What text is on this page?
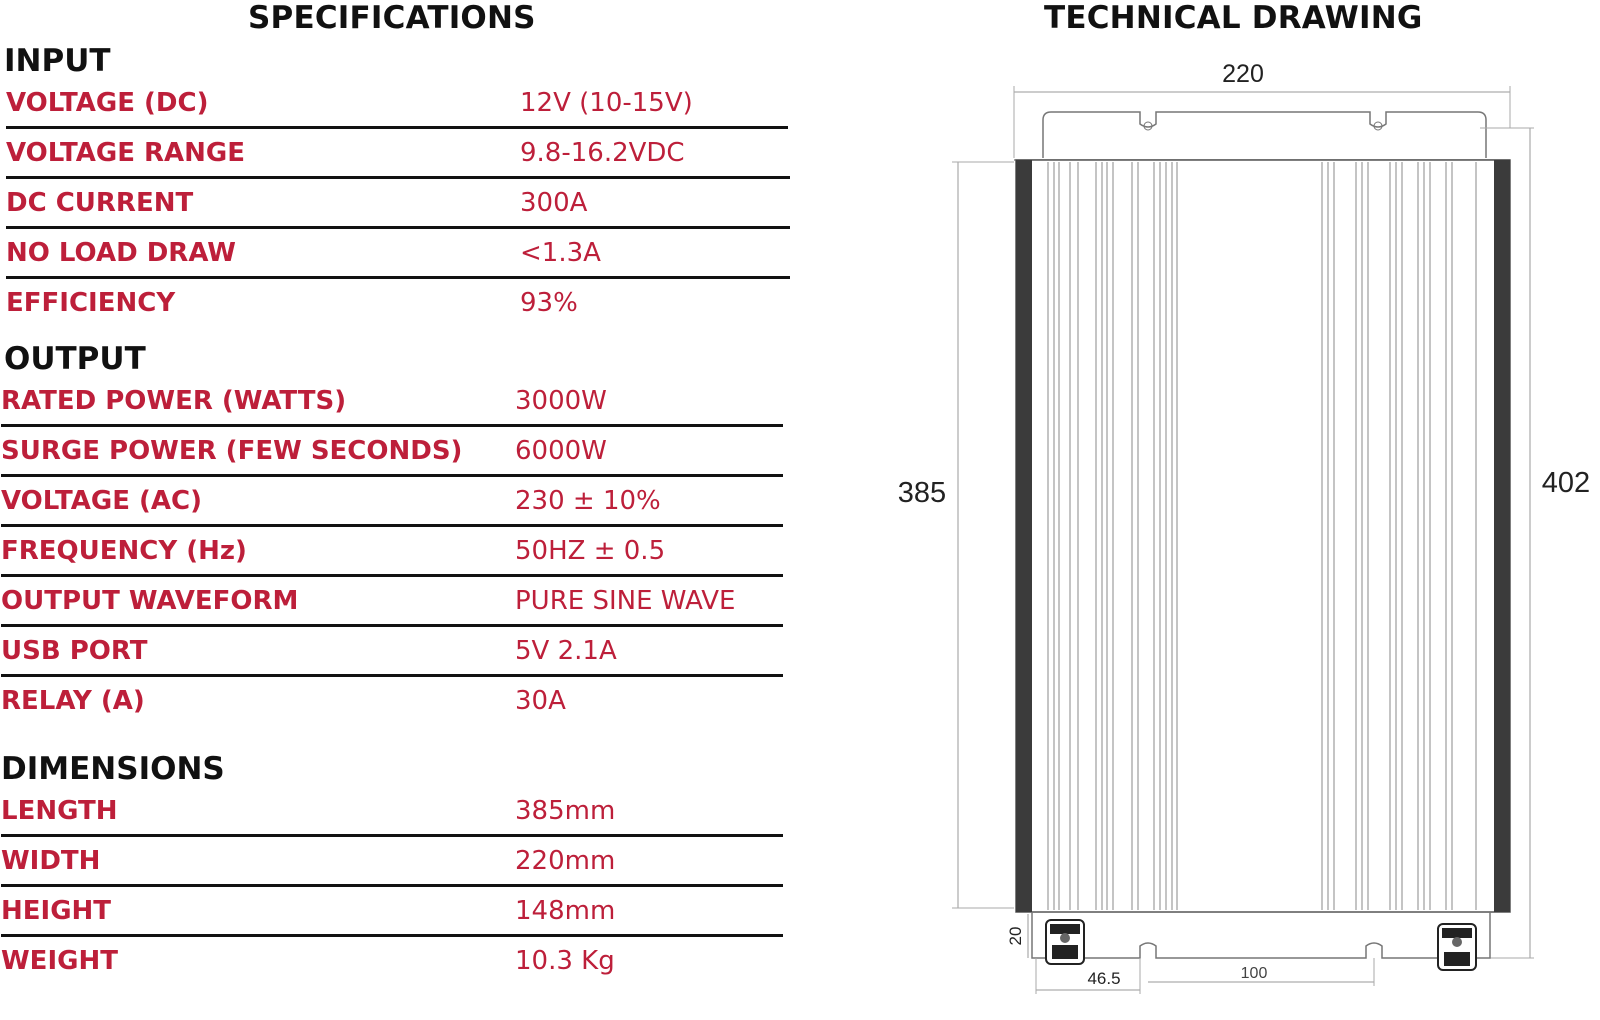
SPECIFICATIONS	TECHNICAL DRAWING
INPUT
VOLTAGE (DC)	12V (10-15V)
VOLTAGE RANGE	9.8-16.2VDC
DC CURRENT	300A
NO LOAD DRAW	<1.3A
EFFICIENCY	93%
OUTPUT
RATED POWER (WATTS)	3000W
SURGE POWER (FEW SECONDS) 6000W
VOLTAGE (AC)	230 ± 10%
FREQUENCY (Hz)	50HZ ± 0.5
OUTPUT WAVEFORM	PURE SINE WAVE
USB PORT	5V 2.1A
RELAY (A)	30A
DIMENSIONS
LENGTH	385mm
WIDTH	220mm
HEIGHT	148mm
WEIGHT	10.3 Kg
220
385	402
46.5	100
20
